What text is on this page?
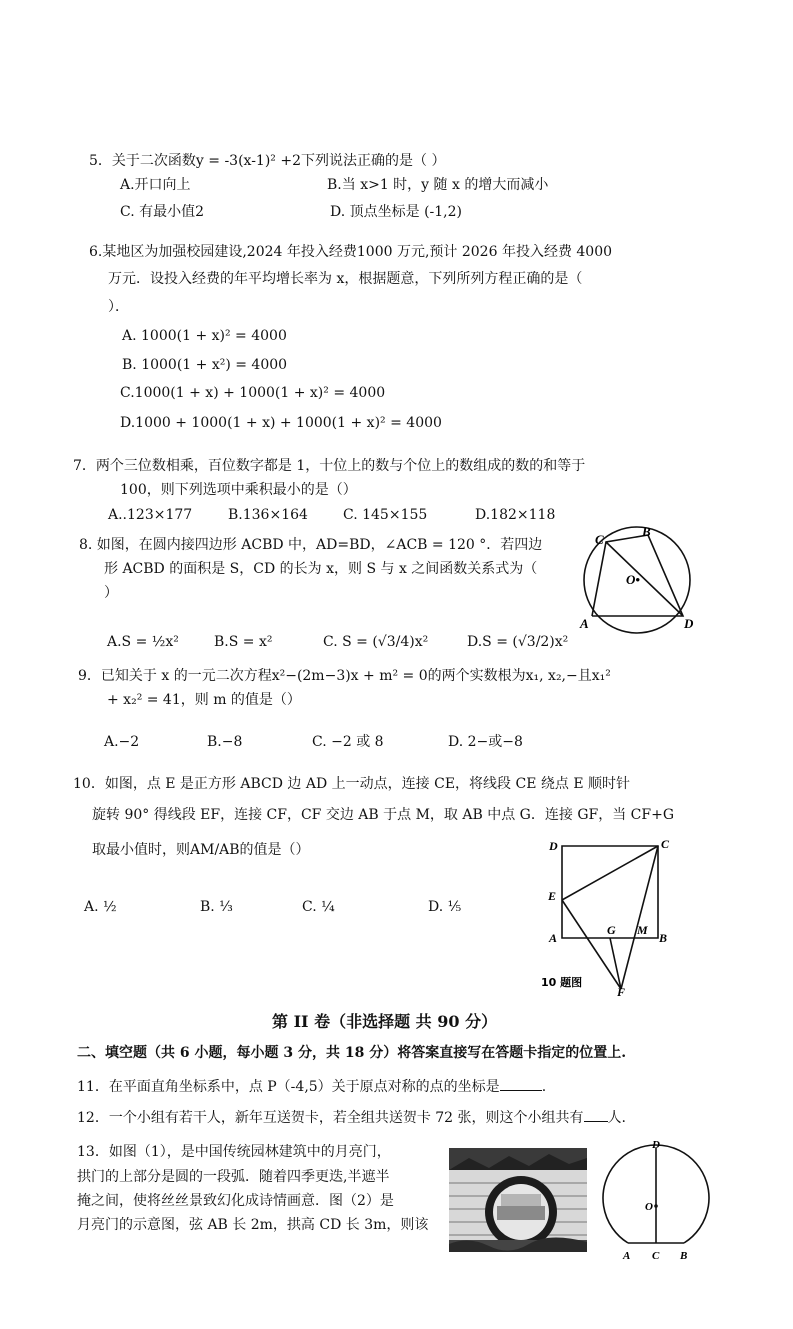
5．关于二次函数y = -3(x-1)² +2下列说法正确的是（ ）
A.开口向上	B.当 x>1 时，y 随 x 的增大而减小
C. 有最小值2	D. 顶点坐标是 (-1,2)
6.某地区为加强校园建设,2024 年投入经费1000 万元,预计 2026 年投入经费 4000
万元．设投入经费的年平均增长率为 x，根据题意，下列所列方程正确的是（
）．
A. 1000(1 + x)² = 4000
B. 1000(1 + x²) = 4000
C.1000(1 + x) + 1000(1 + x)² = 4000
D.1000 + 1000(1 + x) + 1000(1 + x)² = 4000
7．两个三位数相乘，百位数字都是 1，十位上的数与个位上的数组成的数的和等于
100，则下列选项中乘积最小的是（）
A..123×177	B.136×164	C. 145×155	D.182×118
8. 如图，在圆内接四边形 ACBD 中，AD=BD，∠ACB = 120 °．若四边
形 ACBD 的面积是 S，CD 的长为 x，则 S 与 x 之间函数关系式为（
）
A.S = ½x²	B.S = x²	C. S = (√3/4)x²	D.S = (√3/2)x²
C
B
O•
A	D
9．已知关于 x 的一元二次方程x²−(2m−3)x + m² = 0的两个实数根为x₁, x₂,−且x₁²
+ x₂² = 41，则 m 的值是（）
A.−2	B.−8	C. −2 或 8	D. 2−或−8
10．如图，点 E 是正方形 ABCD 边 AD 上一动点，连接 CE，将线段 CE 绕点 E 顺时针
旋转 90° 得线段 EF，连接 CF，CF 交边 AB 于点 M，取 AB 中点 G．连接 GF，当 CF+G
取最小值时，则AM/AB的值是（）
A. ½	B. ⅓	C. ¼	D. ⅕
D	C
E
A
G M
B
F
10 题图
第 II 卷（非选择题 共 90 分）
二、填空题（共 6 小题，每小题 3 分，共 18 分）将答案直接写在答题卡指定的位置上.
11．在平面直角坐标系中，点 P（-4,5）关于原点对称的点的坐标是	.
12．一个小组有若干人，新年互送贺卡，若全组共送贺卡 72 张，则这个小组共有 人.
13．如图（1），是中国传统园林建筑中的月亮门，
拱门的上部分是圆的一段弧．随着四季更迭,半遮半
掩之间，使将丝丝景致幻化成诗情画意．图（2）是
月亮门的示意图，弦 AB 长 2m，拱高 CD 长 3m，则该
D
O
A C B
